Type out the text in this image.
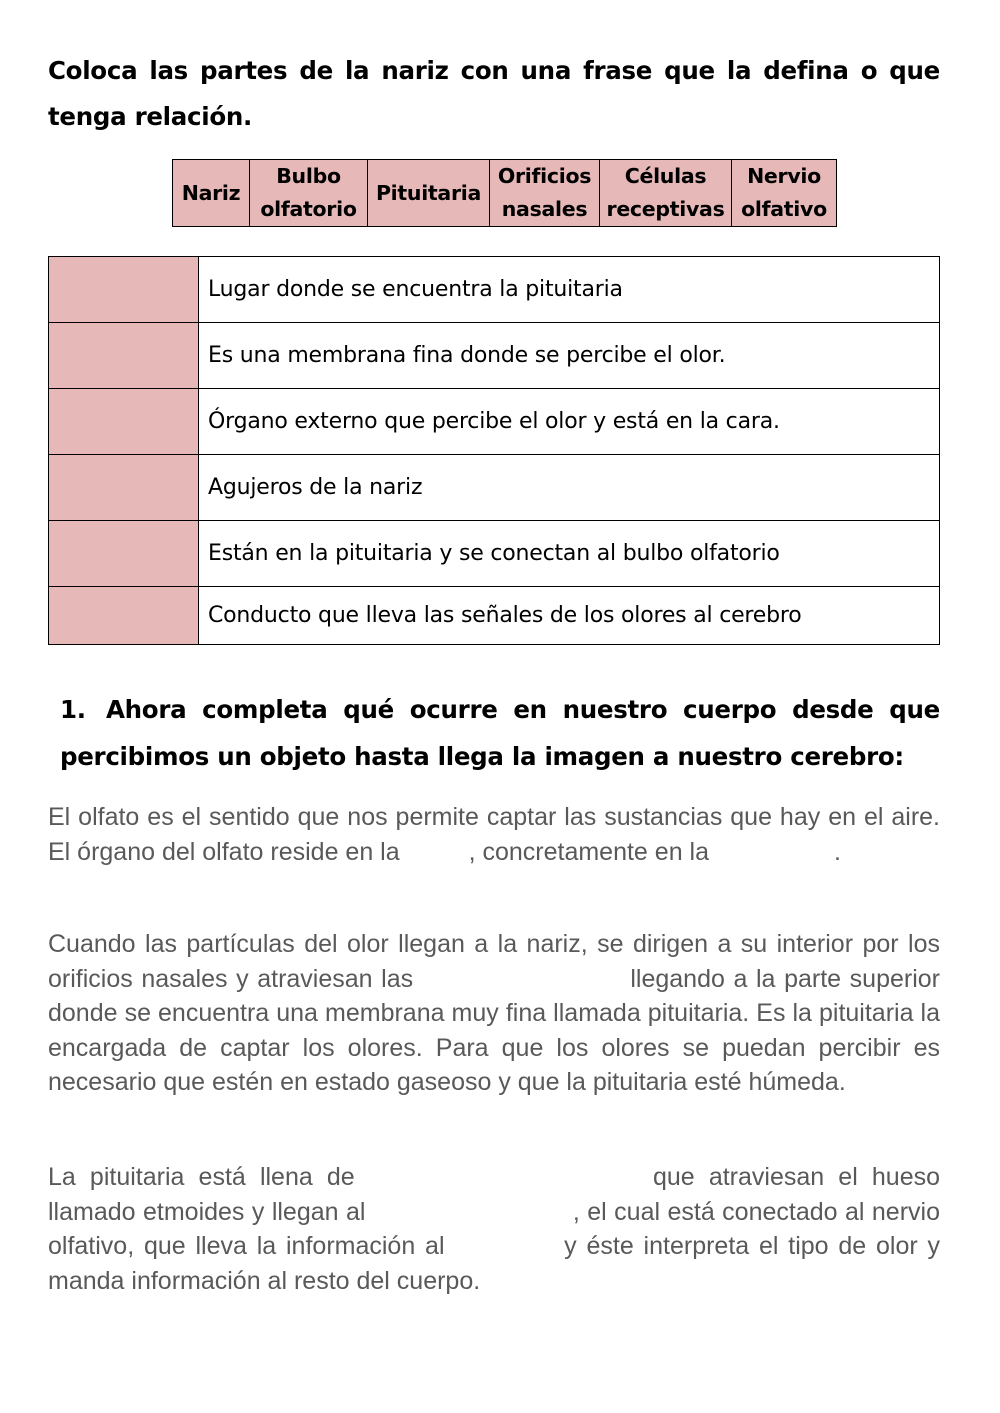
Coloca las partes de la nariz con una frase que la defina o que tenga relación.
Nariz	Bulbo olfatorio	Pituitaria	Orificios nasales	Células receptivas	Nervio olfativo
	Lugar donde se encuentra la pituitaria
	Es una membrana fina donde se percibe el olor.
	Órgano externo que percibe el olor y está en la cara.
	Agujeros de la nariz
	Están en la pituitaria y se conectan al bulbo olfatorio
	Conducto que lleva las señales de los olores al cerebro

1. Ahora completa qué ocurre en nuestro cuerpo desde que percibimos un objeto hasta llega la imagen a nuestro cerebro:

El olfato es el sentido que nos permite captar las sustancias que hay en el aire. El órgano del olfato reside en la	, concretamente en la	.

Cuando las partículas del olor llegan a la nariz, se dirigen a su interior por los orificios nasales y atraviesan las	llegando a la parte superior donde se encuentra una membrana muy fina llamada pituitaria. Es la pituitaria la encargada de captar los olores. Para que los olores se puedan percibir es necesario que estén en estado gaseoso y que la pituitaria esté húmeda.

La pituitaria está llena de	que atraviesan el hueso llamado etmoides y llegan al	, el cual está conectado al nervio olfativo, que lleva la información al	y éste interpreta el tipo de olor y manda información al resto del cuerpo.
